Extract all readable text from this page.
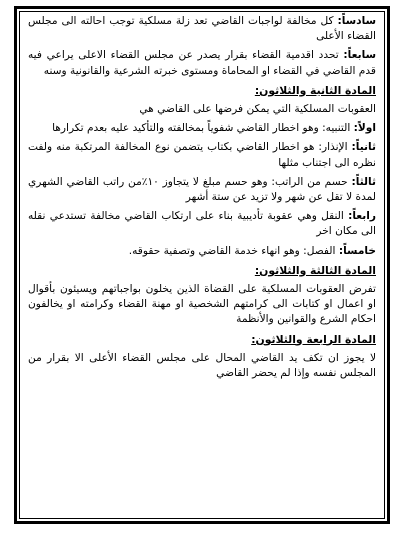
سادساً: كل مخالفة لواجبات القاضي تعد زلة مسلكية توجب احالته الى مجلس القضاء الأعلى

سابعاً: تحدد اقدمية القضاء بقرار يصدر عن مجلس القضاء الاعلى يراعي فيه قدم القاضي في القضاء او المحاماة ومستوى خبرته الشرعية والقانونية وسنه

المادة الثانية والثلاثون:

العقوبات المسلكية التي يمكن فرضها على القاضي هي

اولاً: التنبيه: وهو اخطار القاضي شفوياً بمخالفته والتأكيد عليه بعدم تكرارها

ثانياً: الإنذار: هو اخطار القاضي بكتاب يتضمن نوع المخالفة المرتكبة منه ولفت نظره الى اجتناب مثلها

ثالثاً: حسم من الراتب: وهو حسم مبلغ لا يتجاوز ١٠٪من راتب القاضي الشهري لمدة لا تقل عن شهر ولا تزيد عن ستة أشهر

رابعاً: النقل وهي عقوبة تأديبية بناء على ارتكاب القاضي مخالفة تستدعي نقله الى مكان اخر

خامساً: الفصل: وهو انهاء خدمة القاضي وتصفية حقوقه.

المادة الثالثة والثلاثون:

تفرض العقوبات المسلكية على القضاة الذين يخلون بواجباتهم ويسيئون بأقوال او اعمال او كتابات الى كرامتهم الشخصية او مهنة القضاء وكرامته او يخالفون احكام الشرع والقوانين والأنظمة

المادة الرابعة والثلاثون:

لا يجوز ان تكف يد القاضي المحال على مجلس القضاء الأعلى الا بقرار من المجلس نفسه وإذا لم يحضر القاضي
